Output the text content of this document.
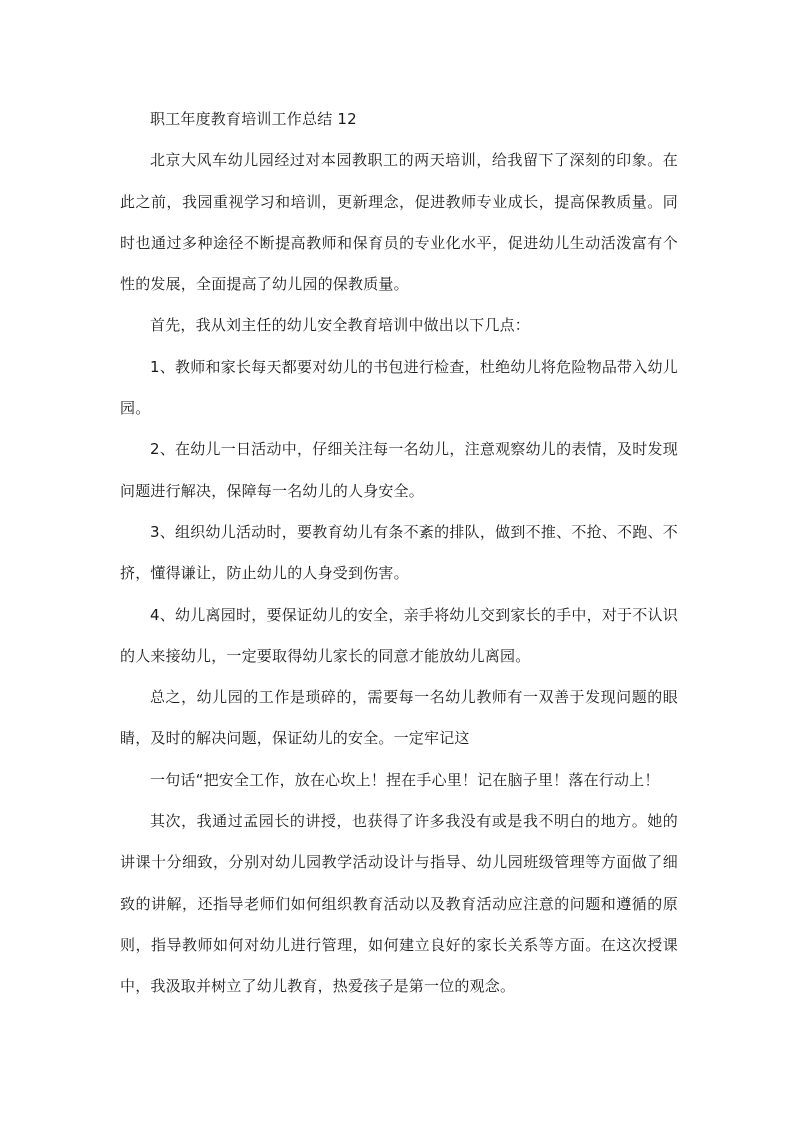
职工年度教育培训工作总结 12

北京大风车幼儿园经过对本园教职工的两天培训，给我留下了深刻的印象。在此之前，我园重视学习和培训，更新理念，促进教师专业成长，提高保教质量。同时也通过多种途径不断提高教师和保育员的专业化水平，促进幼儿生动活泼富有个性的发展，全面提高了幼儿园的保教质量。

首先，我从刘主任的幼儿安全教育培训中做出以下几点：

1、教师和家长每天都要对幼儿的书包进行检查，杜绝幼儿将危险物品带入幼儿园。

2、在幼儿一日活动中，仔细关注每一名幼儿，注意观察幼儿的表情，及时发现问题进行解决，保障每一名幼儿的人身安全。

3、组织幼儿活动时，要教育幼儿有条不紊的排队，做到不推、不抢、不跑、不挤，懂得谦让，防止幼儿的人身受到伤害。

4、幼儿离园时，要保证幼儿的安全，亲手将幼儿交到家长的手中，对于不认识的人来接幼儿，一定要取得幼儿家长的同意才能放幼儿离园。

总之，幼儿园的工作是琐碎的，需要每一名幼儿教师有一双善于发现问题的眼睛，及时的解决问题，保证幼儿的安全。一定牢记这

一句话“把安全工作，放在心坎上！捏在手心里！记在脑子里！落在行动上！

其次，我通过孟园长的讲授，也获得了许多我没有或是我不明白的地方。她的讲课十分细致，分别对幼儿园教学活动设计与指导、幼儿园班级管理等方面做了细致的讲解，还指导老师们如何组织教育活动以及教育活动应注意的问题和遵循的原则，指导教师如何对幼儿进行管理，如何建立良好的家长关系等方面。在这次授课中，我汲取并树立了幼儿教育，热爱孩子是第一位的观念。
